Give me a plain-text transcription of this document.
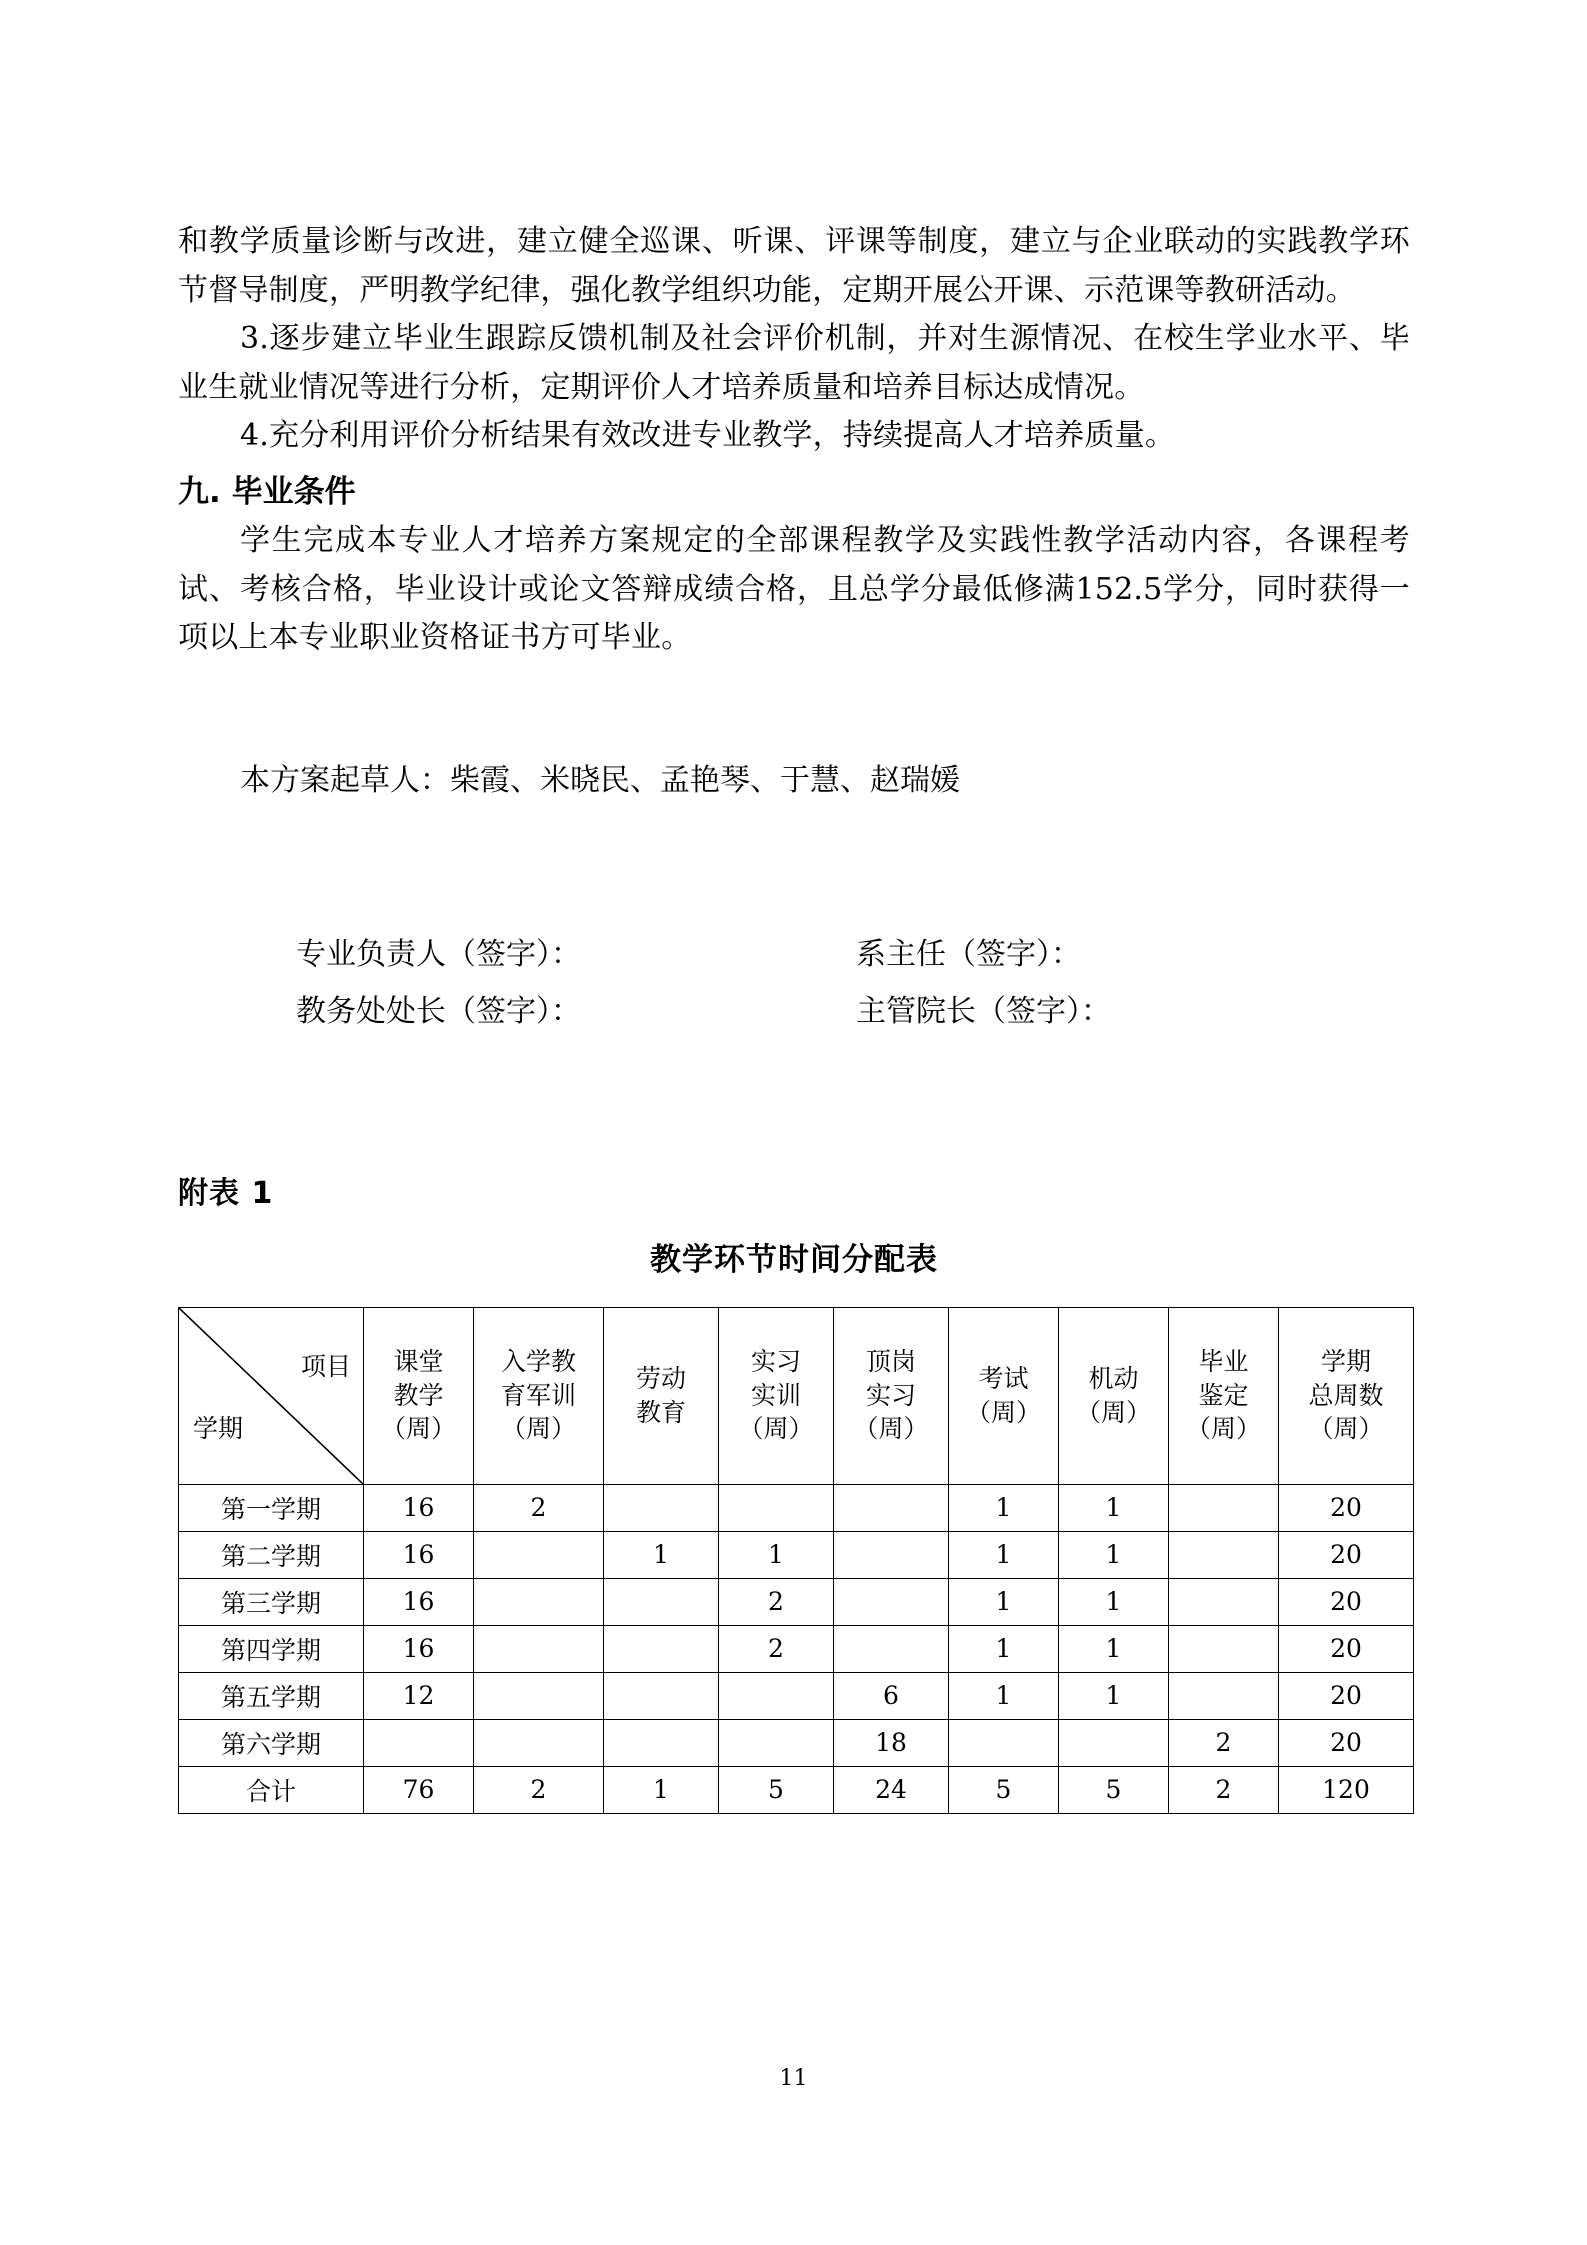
和教学质量诊断与改进，建立健全巡课、听课、评课等制度，建立与企业联动的实践教学环节督导制度，严明教学纪律，强化教学组织功能，定期开展公开课、示范课等教研活动。

3.逐步建立毕业生跟踪反馈机制及社会评价机制，并对生源情况、在校生学业水平、毕业生就业情况等进行分析，定期评价人才培养质量和培养目标达成情况。

4.充分利用评价分析结果有效改进专业教学，持续提高人才培养质量。

九. 毕业条件

学生完成本专业人才培养方案规定的全部课程教学及实践性教学活动内容，各课程考试、考核合格，毕业设计或论文答辩成绩合格，且总学分最低修满152.5学分，同时获得一项以上本专业职业资格证书方可毕业。

本方案起草人：柴霞、米晓民、孟艳琴、于慧、赵瑞媛

专业负责人（签字）：	系主任（签字）：
教务处处长（签字）：	主管院长（签字）：
附表 1
教学环节时间分配表
项目
学期	课堂
教学
（周）	入学教
育军训
（周）	劳动
教育	实习
实训
（周）	顶岗
实习
（周）	考试
（周）	机动
（周）	毕业
鉴定
（周）	学期
总周数
（周）

第一学期	16	2				1	1		20
第二学期	16		1	1		1	1		20
第三学期	16			2		1	1		20
第四学期	16			2		1	1		20
第五学期	12				6	1	1		20
第六学期					18			2	20
合计	76	2	1	5	24	5	5	2	120
11
